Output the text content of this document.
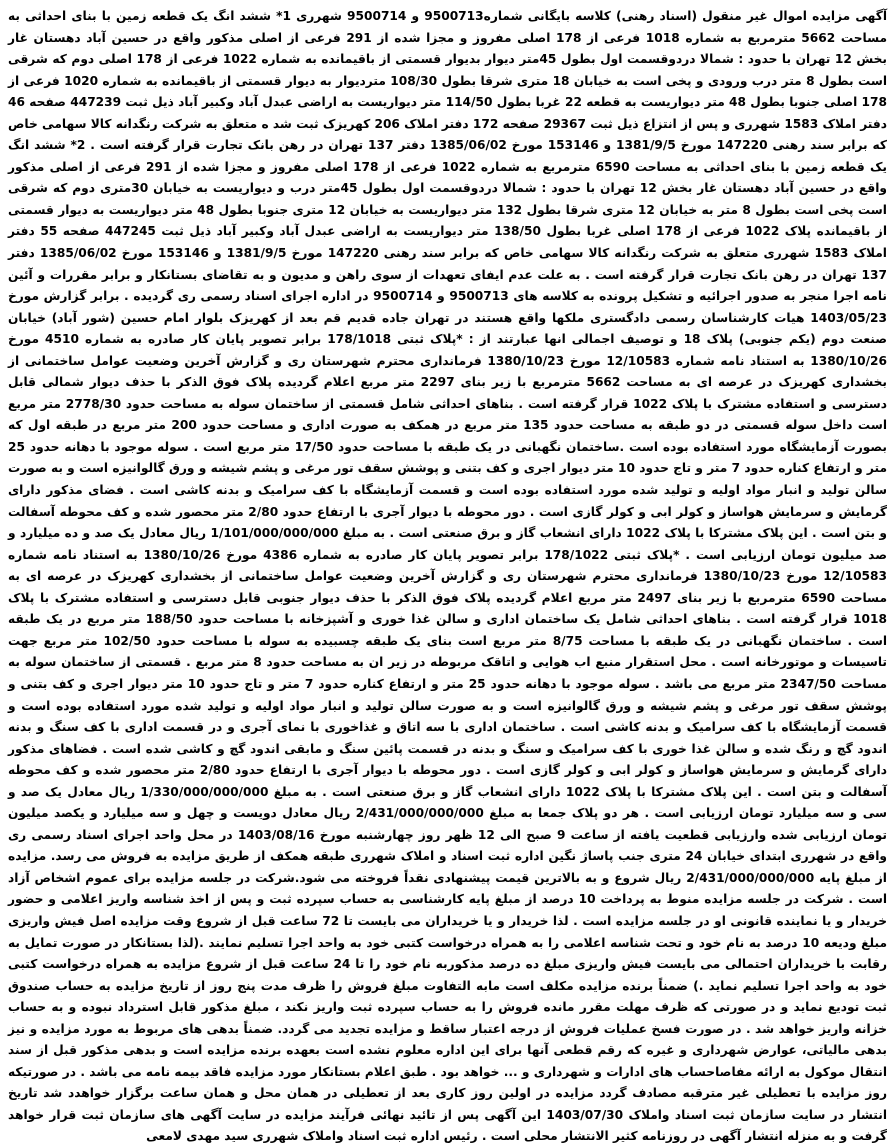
آگهی مزایده اموال غیر منقول (اسناد رهنی) کلاسه بایگانی شماره9500713 و 9500714 شهرری 1* ششد انگ یک قطعه زمین با بنای احداثی به مساحت 5662 مترمربع به شماره 1018 فرعی از 178 اصلی مفروز و مجزا شده از 291 فرعی از اصلی مذکور واقع در حسین آباد دهستان غار بخش 12 تهران با حدود : شمالا دردوقسمت اول بطول 45متر دیوار بدیوار قسمتی از باقیمانده به شماره 1022 فرعی از 178 اصلی دوم که شرقی است بطول 8 متر درب ورودی و پخی است به خیابان 18 متری شرقا بطول 108/30 متردیوار به دیوار قسمتی از باقیمانده به شماره 1020 فرعی از 178 اصلی جنوبا بطول 48 متر دیواریست به قطعه 22 غربا بطول 114/50 متر دیواریست به اراضی عبدل آباد وکبیر آباد ذیل ثبت 447239 صفحه 46 دفتر املاک 1583 شهرری و پس از انتزاع ذیل ثبت 29367 صفحه 172 دفتر املاک 206 کهریزک ثبت شد ه متعلق به شرکت رنگدانه کالا سهامی خاص که برابر سند رهنی 147220 مورخ 1381/9/5 و 153146 مورخ 1385/06/02 دفتر 137 تهران در رهن بانک تجارت قرار گرفته است . 2* ششد انگ یک قطعه زمین با بنای احداثی به مساحت 6590 مترمربع به شماره 1022 فرعی از 178 اصلی مفروز و مجزا شده از 291 فرعی از اصلی مذکور واقع در حسین آباد دهستان غار بخش 12 تهران با حدود : شمالا دردوقسمت اول بطول 45متر درب و دیواریست به خیابان 30متری دوم که شرقی است پخی است بطول 8 متر به خیابان 12 متری شرقا بطول 132 متر دیواریست به خیابان 12 متری جنوبا بطول 48 متر دیواریست به دیوار قسمتی از باقیمانده پلاک 1022 فرعی از 178 اصلی غربا بطول 138/50 متر دیواریست به اراضی عبدل آباد وکبیر آباد ذیل ثبت 447245 صفحه 55 دفتر املاک 1583 شهرری متعلق به شرکت رنگدانه کالا سهامی خاص که برابر سند رهنی 147220 مورخ 1381/9/5 و 153146 مورخ 1385/06/02 دفتر 137 تهران در رهن بانک تجارت قرار گرفته است . به علت عدم ایفای تعهدات از سوی راهن و مدیون و به تقاضای بستانکار و برابر مقررات و آئین نامه اجرا منجر به صدور اجرائیه و تشکیل پرونده به کلاسه های 9500713 و 9500714 در اداره اجرای اسناد رسمی ری گردیده . برابر گزارش مورخ 1403/05/23 هیات کارشناسان رسمی دادگستری ملکها واقع هستند در تهران جاده قدیم قم بعد از کهریزک بلوار امام حسین (شور آباد) خیابان صنعت دوم (یکم جنوبی) پلاک 18 و توصیف اجمالی انها عبارتند از : *پلاک ثبتی 178/1018 برابر تصویر پایان کار صادره به شماره 4510 مورخ 1380/10/26 به استناد نامه شماره 12/10583 مورخ 1380/10/23 فرمانداری محترم شهرستان ری و گزارش آخرین وضعیت عوامل ساختمانی از بخشداری کهریزک در عرصه ای به مساحت 5662 مترمربع با زیر بنای 2297 متر مربع اعلام گردیده پلاک فوق الذکر با حذف دیوار شمالی قابل دسترسی و استفاده مشترک با پلاک 1022 قرار گرفته است . بناهای احداثی شامل قسمتی از ساختمان سوله به مساحت حدود 2778/30 متر مربع است داخل سوله قسمتی در دو طبقه به مساحت حدود 135 متر مربع در همکف به صورت اداری و مساحت حدود 200 متر مربع در طبقه اول که بصورت آزمایشگاه مورد استفاده بوده است .ساختمان نگهبانی در یک طبقه با مساحت حدود 17/50 متر مربع است . سوله موجود با دهانه حدود 25 متر و ارتفاع کناره حدود 7 متر و تاج حدود 10 متر دیوار اجری و کف بتنی و پوشش سقف تور مرغی و پشم شیشه و ورق گالوانیزه است و به صورت سالن تولید و انبار مواد اولیه و تولید شده مورد استفاده بوده است و قسمت آزمایشگاه با کف سرامیک و بدنه کاشی است . فضای مذکور دارای گرمایش و سرمایش هواساز و کولر ابی و کولر گازی است . دور محوطه با دیوار آجری با ارتفاع حدود 2/80 متر محصور شده و کف محوطه آسفالت و بتن است . این پلاک مشترکا با پلاک 1022 دارای انشعاب گاز و برق صنعتی است . به مبلغ 1/101/000/000/000 ریال معادل یک صد و ده میلیارد و صد میلیون تومان ارزیابی است . *پلاک ثبتی 178/1022 برابر تصویر پایان کار صادره به شماره 4386 مورخ 1380/10/26 به استناد نامه شماره 12/10583 مورخ 1380/10/23 فرمانداری محترم شهرستان ری و گزارش آخرین وضعیت عوامل ساختمانی از بخشداری کهریزک در عرصه ای به مساحت 6590 مترمربع با زیر بنای 2497 متر مربع اعلام گردیده پلاک فوق الذکر با حذف دیوار جنوبی قابل دسترسی و استفاده مشترک با پلاک 1018 قرار گرفته است . بناهای احداثی شامل یک ساختمان اداری و سالن غذا خوری و آشپزخانه با مساحت حدود 188/50 متر مربع در یک طبقه است . ساختمان نگهبانی در یک طبقه با مساحت 8/75 متر مربع است بنای یک طبقه چسبیده به سوله با مساحت حدود 102/50 متر مربع جهت تاسیسات و موتورخانه است . محل استقرار منبع اب هوایی و اتاقک مربوطه در زیر ان به مساحت حدود 8 متر مربع . قسمتی از ساختمان سوله به مساحت 2347/50 متر مربع می باشد . سوله موجود با دهانه حدود 25 متر و ارتفاع کناره حدود 7 متر و تاج حدود 10 متر دیوار اجری و کف بتنی و پوشش سقف تور مرغی و پشم شیشه و ورق گالوانیزه است و به صورت سالن تولید و انبار مواد اولیه و تولید شده مورد استفاده بوده است و قسمت آزمایشگاه با کف سرامیک و بدنه کاشی است . ساختمان اداری با سه اتاق و غذاخوری با نمای آجری و در قسمت اداری با کف سنگ و بدنه اندود گچ و رنگ شده و سالن غذا خوری با کف سرامیک و سنگ و بدنه در قسمت پائین سنگ و مابقی اندود گچ و کاشی شده است . فضاهای مذکور دارای گرمایش و سرمایش هواساز و کولر ابی و کولر گازی است . دور محوطه با دیوار آجری با ارتفاع حدود 2/80 متر محصور شده و کف محوطه آسفالت و بتن است . این پلاک مشترکا با پلاک 1022 دارای انشعاب گاز و برق صنعتی است . به مبلغ 1/330/000/000/000 ریال معادل یک صد و سی و سه میلیارد تومان ارزیابی است . هر دو پلاک جمعا به مبلغ 2/431/000/000/000 ریال معادل دویست و چهل و سه میلیارد و یکصد میلیون تومان ارزیابی شده وارزیابی قطعیت یافته از ساعت 9 صبح الی 12 ظهر روز چهارشنبه مورخ 1403/08/16 در محل واحد اجرای اسناد رسمی ری واقع در شهرری ابتدای خیابان 24 متری جنب پاساژ نگین اداره ثبت اسناد و املاک شهرری طبقه همکف از طریق مزایده به فروش می رسد. مزایده از مبلغ پایه 2/431/000/000/000 ریال شروع و به بالاترین قیمت پیشنهادی نقداً فروخته می شود.شرکت در جلسه مزایده برای عموم اشخاص آزاد است . شرکت در جلسه مزایده منوط به پرداخت 10 درصد از مبلغ پایه کارشناسی به حساب سپرده ثبت و پس از اخذ شناسه واریز اعلامی و حضور خریدار و یا نماینده قانونی او در جلسه مزایده است . لذا خریدار و یا خریداران می بایست تا 72 ساعت قبل از شروع وقت مزایده اصل فیش واریزی مبلغ ودیعه 10 درصد به نام خود و تحت شناسه اعلامی را به همراه درخواست کتبی خود به واحد اجرا تسلیم نمایند .(لذا بستانکار در صورت تمایل به رقابت با خریداران احتمالی می بایست فیش واریزی مبلغ ده درصد مذکوربه نام خود را تا 24 ساعت قبل از شروع مزایده به همراه درخواست کتبی خود به واحد اجرا تسلیم نماید .) ضمناً برنده مزایده مکلف است مابه التفاوت مبلغ فروش را ظرف مدت پنج روز از تاریخ مزایده به حساب صندوق ثبت تودیع نماید و در صورتی که ظرف مهلت مقرر مانده فروش را به حساب سپرده ثبت واریز نکند ، مبلغ مذکور قابل استرداد نبوده و به حساب خزانه واریز خواهد شد . در صورت فسخ عملیات فروش از درجه اعتبار ساقط و مزایده تجدید می گردد. ضمناً بدهی های مربوط به مورد مزایده و نیز بدهی مالیاتی، عوارض شهرداری و غیره که رقم قطعی آنها برای این اداره معلوم نشده است بعهده برنده مزایده است و بدهی مذکور قبل از سند انتقال موکول به ارائه مفاصاحساب های ادارات و شهرداری و ... خواهد بود . طبق اعلام بستانکار مورد مزایده فاقد بیمه نامه می باشد . در صورتیکه روز مزایده با تعطیلی غیر مترقبه مصادف گردد مزایده در اولین روز کاری بعد از تعطیلی در همان محل و همان ساعت برگزار خواهدد شد تاریخ انتشار در سایت سازمان ثبت اسناد واملاک 1403/07/30 این آگهی پس از تائید نهائی فرآیند مزایده در سایت آگهی های سازمان ثبت قرار خواهد گرفت و به منزله انتشار آگهی در روزنامه کثیر الانتشار محلی است . رئیس اداره ثبت اسناد واملاک شهرری سید مهدی لامعی
